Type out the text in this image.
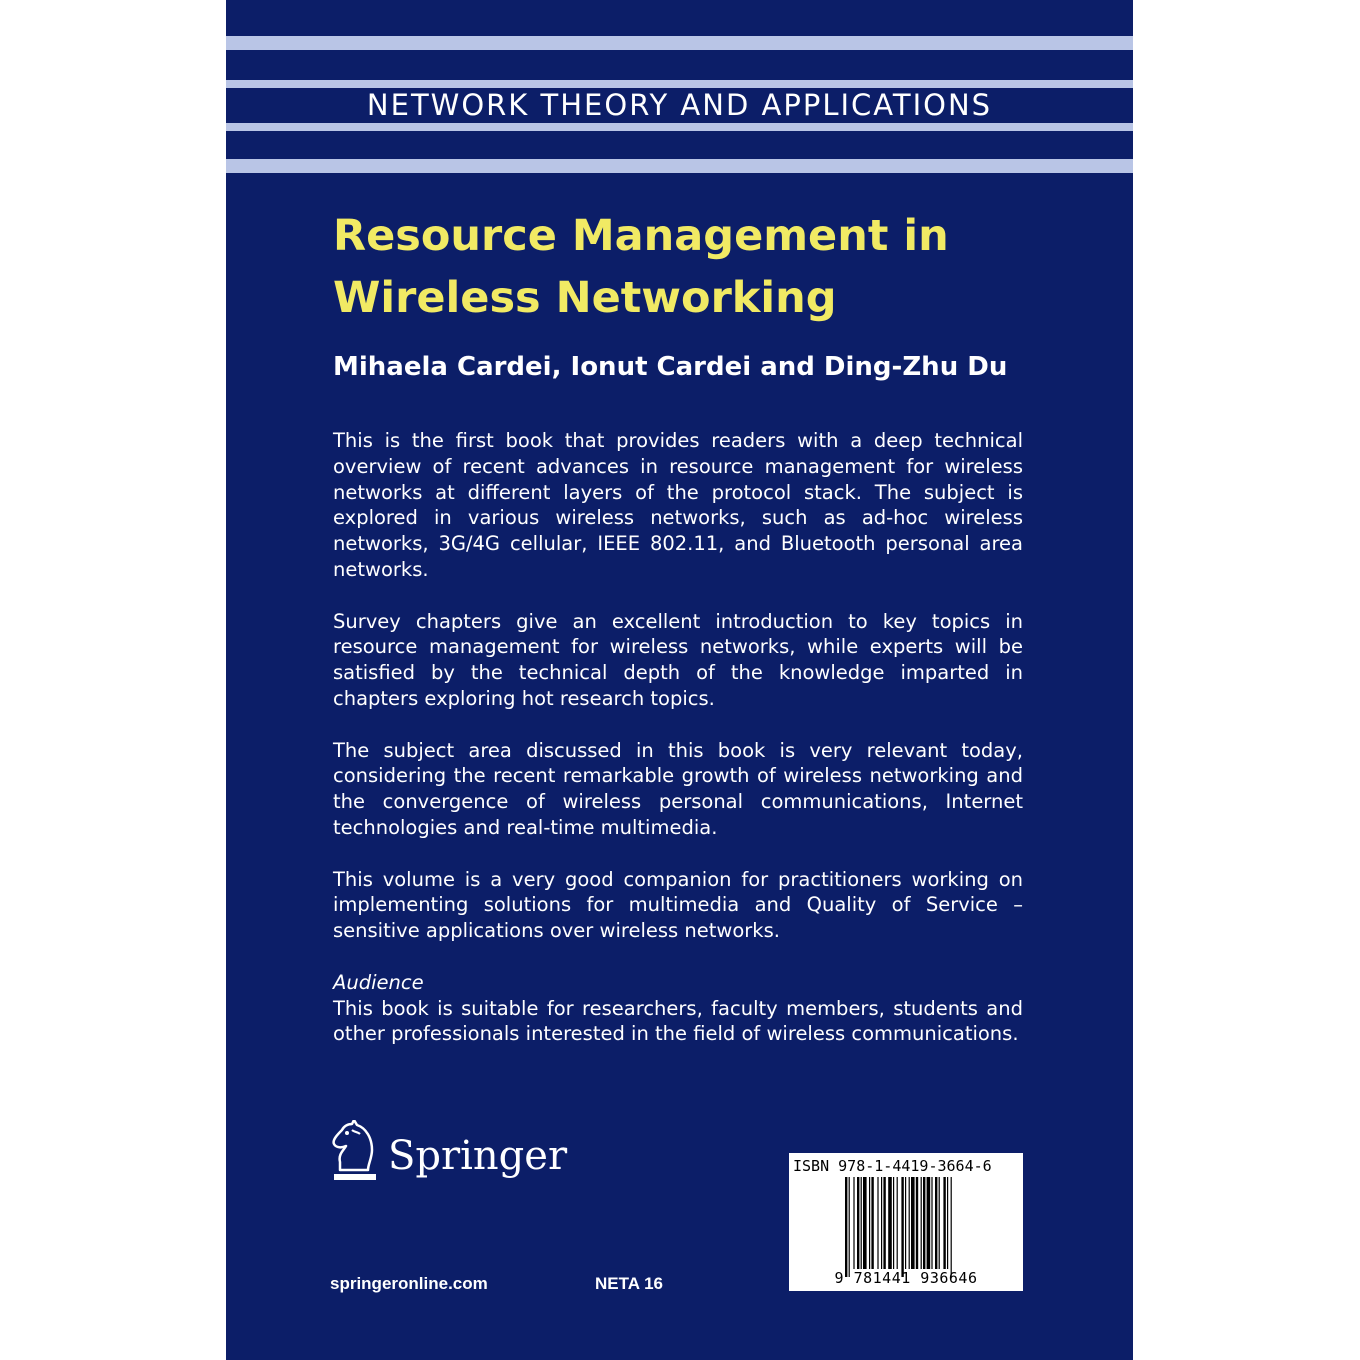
NETWORK THEORY AND APPLICATIONS
Resource Management in
Wireless Networking
Mihaela Cardei, Ionut Cardei and Ding-Zhu Du

This is the first book that provides readers with a deep technical overview of recent advances in resource management for wireless networks at different layers of the protocol stack. The subject is explored in various wireless networks, such as ad-hoc wireless networks, 3G/4G cellular, IEEE 802.11, and Bluetooth personal area networks.

Survey chapters give an excellent introduction to key topics in resource management for wireless networks, while experts will be satisfied by the technical depth of the knowledge imparted in chapters exploring hot research topics.

The subject area discussed in this book is very relevant today, considering the recent remarkable growth of wireless networking and the convergence of wireless personal communications, Internet technologies and real-time multimedia.

This volume is a very good companion for practitioners working on implementing solutions for multimedia and Quality of Service – sensitive applications over wireless networks.

Audience

This book is suitable for researchers, faculty members, students and other professionals interested in the field of wireless communications.

Springer
springeronline.com	NETA 16
ISBN 978-1-4419-3664-6
9 781441 936646
